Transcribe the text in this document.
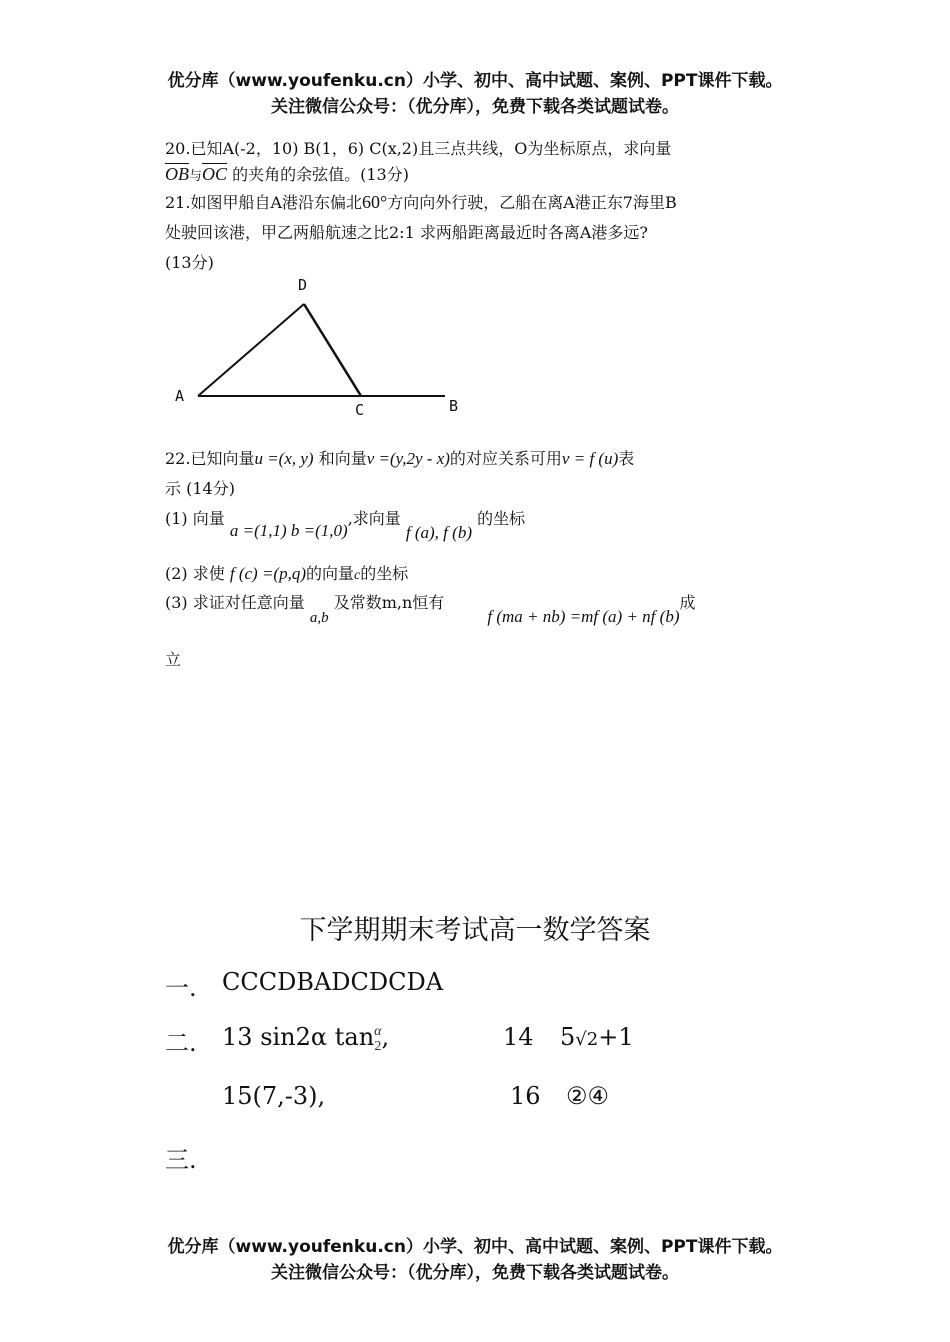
优分库（www.youfenku.cn）小学、初中、高中试题、案例、PPT课件下载。
关注微信公众号：（优分库），免费下载各类试题试卷。
20.已知A(-2，10) B(1，6) C(x,2)且三点共线，O为坐标原点，求向量
$\overline{OB}$与$\overline{OC}$ 的夹角的余弦值。(13分)
21.如图甲船自A港沿东偏北60°方向向外行驶，乙船在离A港正东7海里B
处驶回该港，甲乙两船航速之比2:1 求两船距离最近时各离A港多远?
(13分)
A
D
C	B
22.已知向量u =(x, y) 和向量v =(y,2y - x)的对应关系可用v = f (u)表
示 (14分)
(1) 向量 a =(1,1) b =(1,0),求向量 f (a), f (b) 的坐标
(2) 求使 f (c) =(p,q)的向量c的坐标
(3) 求证对任意向量 a,b 及常数m,n恒有 f (ma + nb) =mf (a) + nf (b)成
立
下学期期末考试高一数学答案
一. CCCDBADCDCDA
二. 13 sin2α tan α
2 ,	14 5√2+1
15(7,-3),	16 ②④
三.
优分库（www.youfenku.cn）小学、初中、高中试题、案例、PPT课件下载。
关注微信公众号：（优分库），免费下载各类试题试卷。
